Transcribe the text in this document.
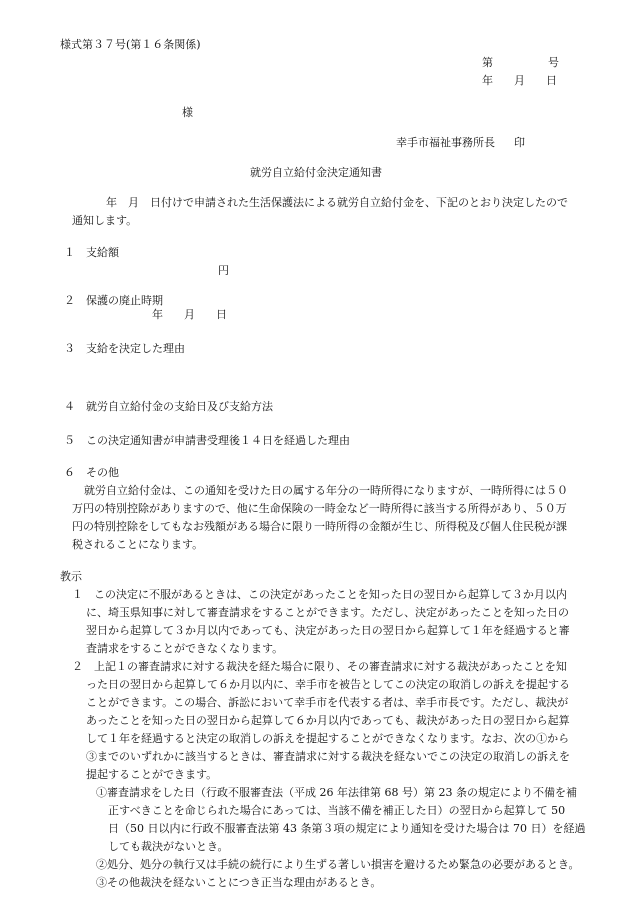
様式第３７号(第１６条関係)
第	号
年 月 日
様
幸手市福祉事務所長 印
就労自立給付金決定通知書
年　月　日付けで申請された生活保護法による就労自立給付金を、下記のとおり決定したので
通知します。
１　支給額
円
２　保護の廃止時期
年 月 日
３　支給を決定した理由
４　就労自立給付金の支給日及び支給方法
５　この決定通知書が申請書受理後１４日を経過した理由
６　その他
就労自立給付金は、この通知を受けた日の属する年分の一時所得になりますが、一時所得には５０
万円の特別控除がありますので、他に生命保険の一時金など一時所得に該当する所得があり、５０万
円の特別控除をしてもなお残額がある場合に限り一時所得の金額が生じ、所得税及び個人住民税が課
税されることになります。
教示
１　この決定に不服があるときは、この決定があったことを知った日の翌日から起算して３か月以内
に、埼玉県知事に対して審査請求をすることができます。ただし、決定があったことを知った日の
翌日から起算して３か月以内であっても、決定があった日の翌日から起算して１年を経過すると審
査請求をすることができなくなります。
２　上記１の審査請求に対する裁決を経た場合に限り、その審査請求に対する裁決があったことを知
った日の翌日から起算して６か月以内に、幸手市を被告としてこの決定の取消しの訴えを提起する
ことができます。この場合、訴訟において幸手市を代表する者は、幸手市長です。ただし、裁決が
あったことを知った日の翌日から起算して６か月以内であっても、裁決があった日の翌日から起算
して１年を経過すると決定の取消しの訴えを提起することができなくなります。なお、次の①から
③までのいずれかに該当するときは、審査請求に対する裁決を経ないでこの決定の取消しの訴えを
提起することができます。
①審査請求をした日（行政不服審査法（平成 26 年法律第 68 号）第 23 条の規定により不備を補
正すべきことを命じられた場合にあっては、当該不備を補正した日）の翌日から起算して 50
日（50 日以内に行政不服審査法第 43 条第３項の規定により通知を受けた場合は 70 日）を経過
しても裁決がないとき。
②処分、処分の執行又は手続の続行により生ずる著しい損害を避けるため緊急の必要があるとき。
③その他裁決を経ないことにつき正当な理由があるとき。
